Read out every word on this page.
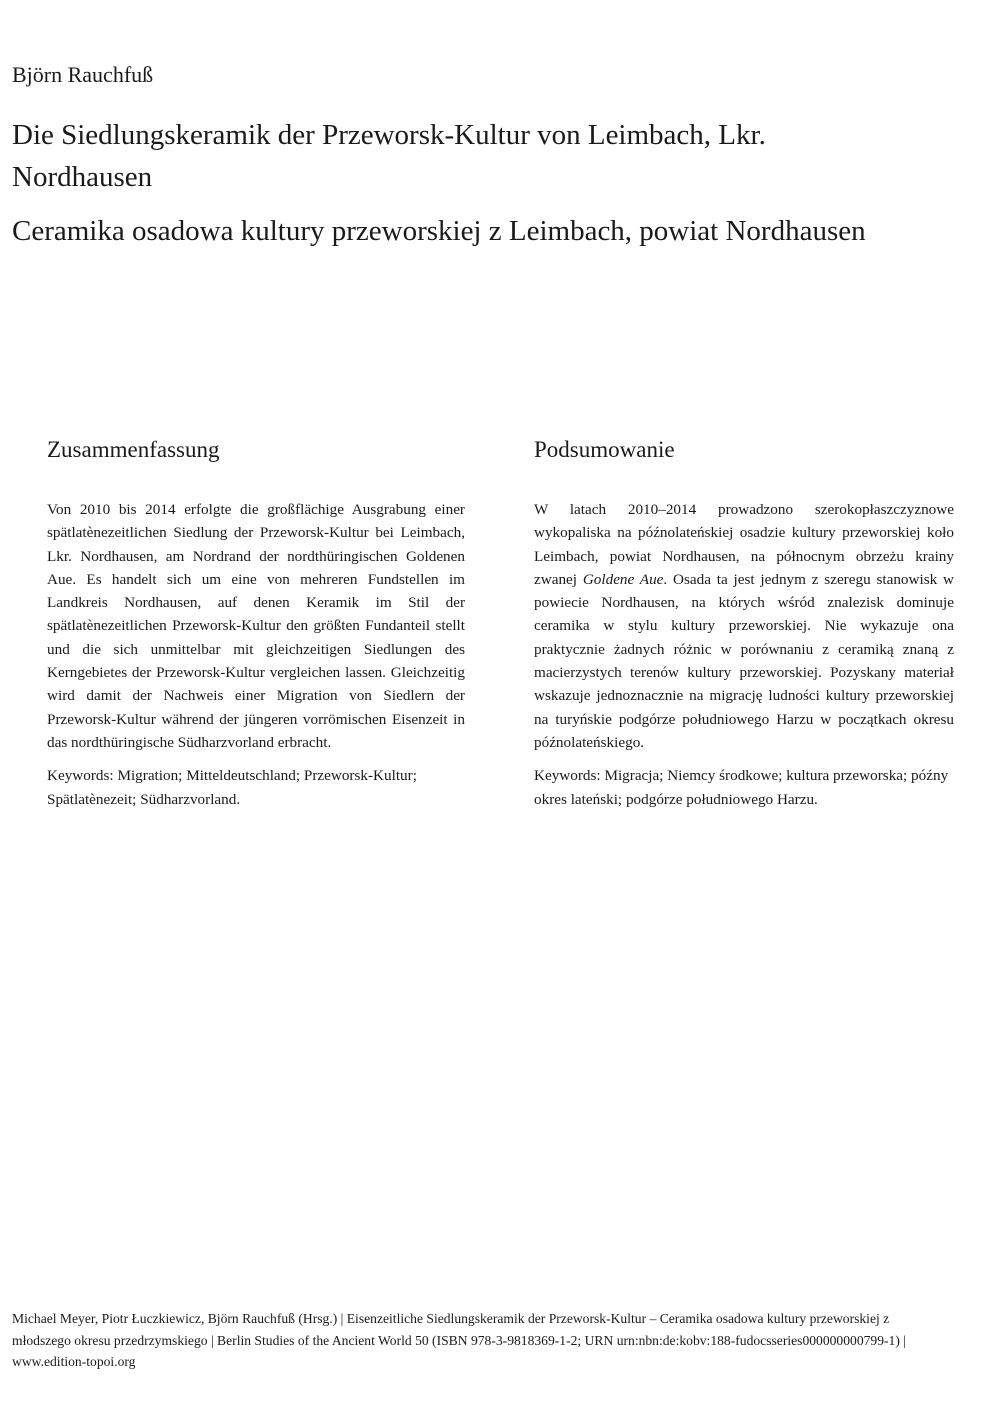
Björn Rauchfuß
Die Siedlungskeramik der Przeworsk-Kultur von Leimbach, Lkr. Nordhausen
Ceramika osadowa kultury przeworskiej z Leimbach, powiat Nordhausen
Zusammenfassung

Von 2010 bis 2014 erfolgte die großflächige Ausgrabung einer spätlatènezeitlichen Siedlung der Przeworsk-Kultur bei Leimbach, Lkr. Nordhausen, am Nordrand der nordthüringischen Goldenen Aue. Es handelt sich um eine von mehreren Fundstellen im Landkreis Nordhausen, auf denen Keramik im Stil der spätlatènezeitlichen Przeworsk-Kultur den größten Fundanteil stellt und die sich unmittelbar mit gleichzeitigen Siedlungen des Kerngebietes der Przeworsk-Kultur vergleichen lassen. Gleichzeitig wird damit der Nachweis einer Migration von Siedlern der Przeworsk-Kultur während der jüngeren vorrömischen Eisenzeit in das nordthüringische Südharzvorland erbracht.

Keywords: Migration; Mitteldeutschland; Przeworsk-Kultur; Spätlatènezeit; Südharzvorland.

Podsumowanie

W latach 2010–2014 prowadzono szerokopłaszczyznowe wykopaliska na późnolateńskiej osadzie kultury przeworskiej koło Leimbach, powiat Nordhausen, na północnym obrzeżu krainy zwanej Goldene Aue. Osada ta jest jednym z szeregu stanowisk w powiecie Nordhausen, na których wśród znalezisk dominuje ceramika w stylu kultury przeworskiej. Nie wykazuje ona praktycznie żadnych różnic w porównaniu z ceramiką znaną z macierzystych terenów kultury przeworskiej. Pozyskany materiał wskazuje jednoznacznie na migrację ludności kultury przeworskiej na turyńskie podgórze południowego Harzu w początkach okresu późnolateńskiego.

Keywords: Migracja; Niemcy środkowe; kultura przeworska; późny okres lateński; podgórze południowego Harzu.

Michael Meyer, Piotr Łuczkiewicz, Björn Rauchfuß (Hrsg.) | Eisenzeitliche Siedlungskeramik der Przeworsk-Kultur – Ceramika osadowa kultury przeworskiej z młodszego okresu przedrzymskiego | Berlin Studies of the Ancient World 50 (ISBN 978-3-9818369-1-2; URN urn:nbn:de:kobv:188-fudocsseries000000000799-1) | www.edition-topoi.org
